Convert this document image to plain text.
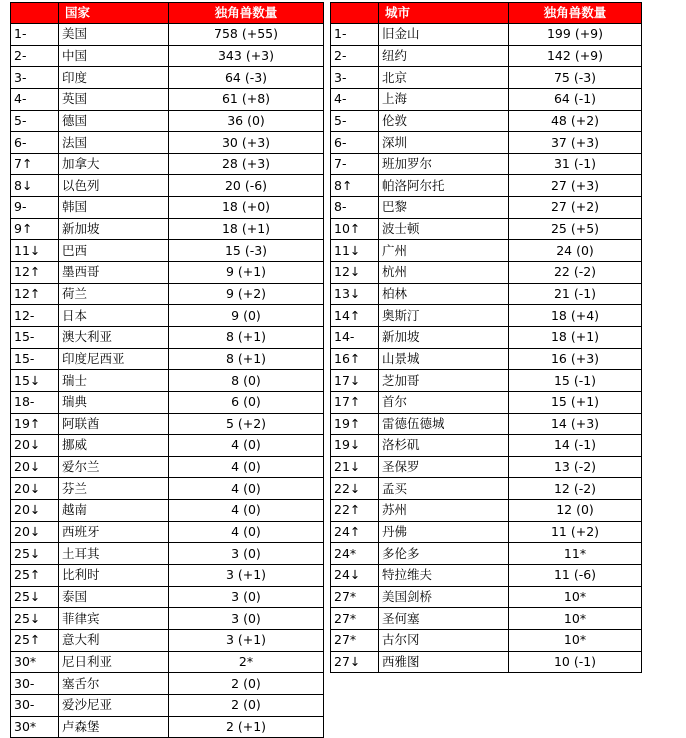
	国家	独角兽数量
1-	美国	758 (+55)
2-	中国	343 (+3)
3-	印度	64 (-3)
4-	英国	61 (+8)
5-	德国	36 (0)
6-	法国	30 (+3)
7↑	加拿大	28 (+3)
8↓	以色列	20 (-6)
9-	韩国	18 (+0)
9↑	新加坡	18 (+1)
11↓	巴西	15 (-3)
12↑	墨西哥	9 (+1)
12↑	荷兰	9 (+2)
12-	日本	9 (0)
15-	澳大利亚	8 (+1)
15-	印度尼西亚	8 (+1)
15↓	瑞士	8 (0)
18-	瑞典	6 (0)
19↑	阿联酋	5 (+2)
20↓	挪威	4 (0)
20↓	爱尔兰	4 (0)
20↓	芬兰	4 (0)
20↓	越南	4 (0)
20↓	西班牙	4 (0)
25↓	土耳其	3 (0)
25↑	比利时	3 (+1)
25↓	泰国	3 (0)
25↓	菲律宾	3 (0)
25↑	意大利	3 (+1)
30*	尼日利亚	2*
30-	塞舌尔	2 (0)
30-	爱沙尼亚	2 (0)
30*	卢森堡	2 (+1)
	城市	独角兽数量
1-	旧金山	199 (+9)
2-	纽约	142 (+9)
3-	北京	75 (-3)
4-	上海	64 (-1)
5-	伦敦	48 (+2)
6-	深圳	37 (+3)
7-	班加罗尔	31 (-1)
8↑	帕洛阿尔托	27 (+3)
8-	巴黎	27 (+2)
10↑	波士顿	25 (+5)
11↓	广州	24 (0)
12↓	杭州	22 (-2)
13↓	柏林	21 (-1)
14↑	奥斯汀	18 (+4)
14-	新加坡	18 (+1)
16↑	山景城	16 (+3)
17↓	芝加哥	15 (-1)
17↑	首尔	15 (+1)
19↑	雷德伍德城	14 (+3)
19↓	洛杉矶	14 (-1)
21↓	圣保罗	13 (-2)
22↓	孟买	12 (-2)
22↑	苏州	12 (0)
24↑	丹佛	11 (+2)
24*	多伦多	11*
24↓	特拉维夫	11 (-6)
27*	美国剑桥	10*
27*	圣何塞	10*
27*	古尔冈	10*
27↓	西雅图	10 (-1)
